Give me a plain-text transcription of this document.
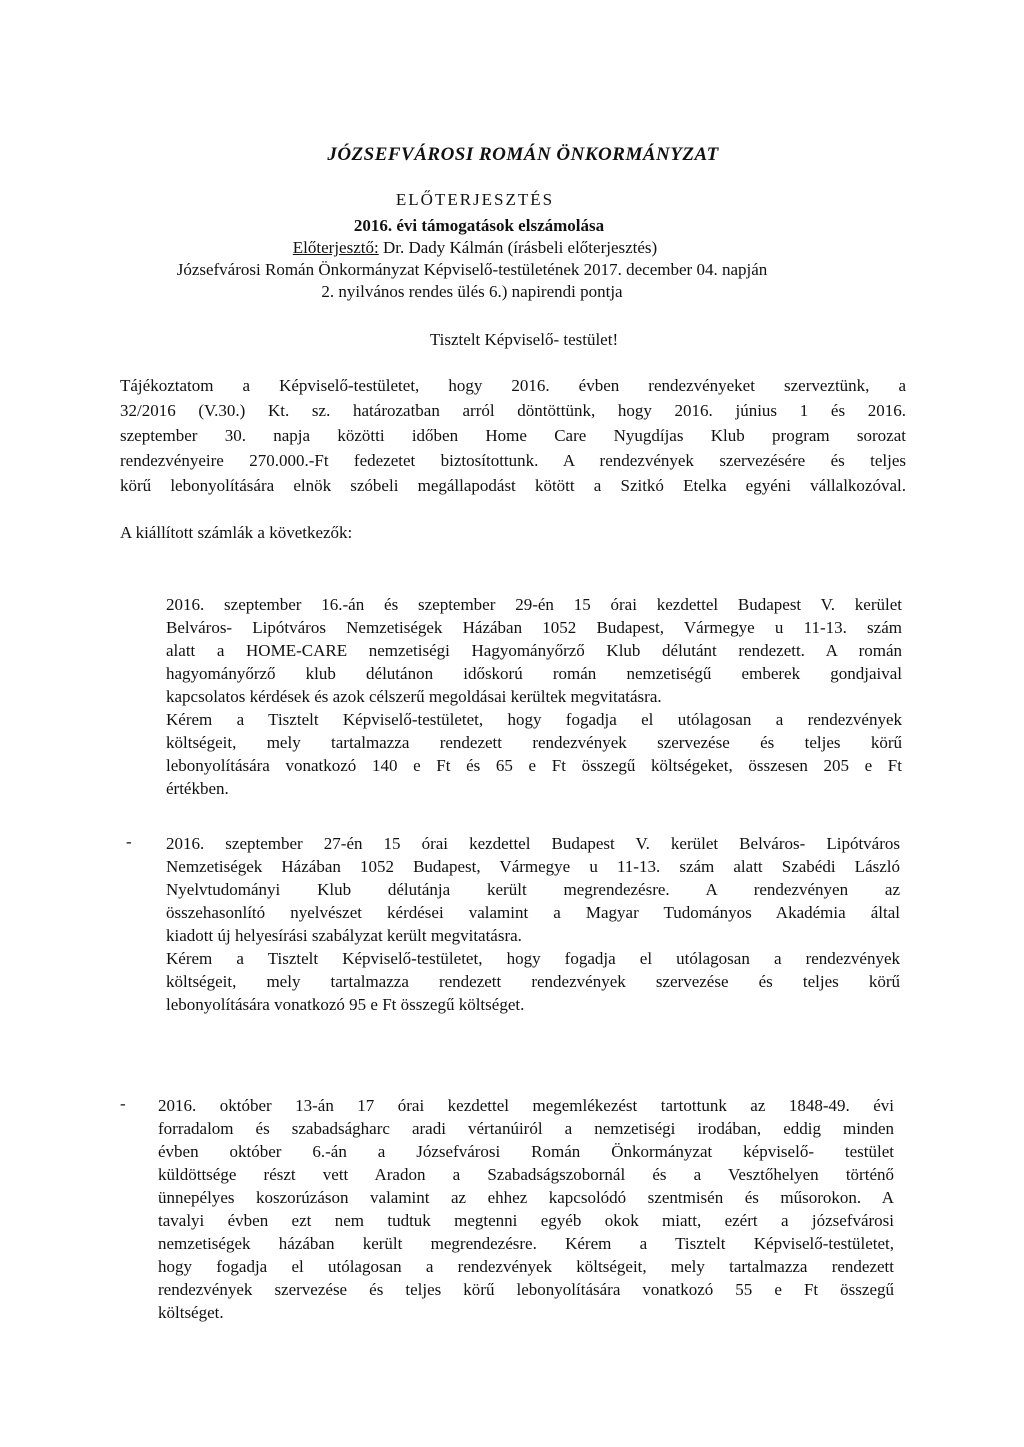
JÓZSEFVÁROSI ROMÁN ÖNKORMÁNYZAT
ELŐTERJESZTÉS
2016. évi támogatások elszámolása
Előterjesztő: Dr. Dady Kálmán (írásbeli előterjesztés)
Józsefvárosi Román Önkormányzat Képviselő-testületének 2017. december 04. napján
2. nyilvános rendes ülés 6.) napirendi pontja
Tisztelt Képviselő- testület!
Tájékoztatom a Képviselő-testületet, hogy 2016. évben rendezvényeket szerveztünk, a
32/2016 (V.30.) Kt. sz. határozatban arról döntöttünk, hogy 2016. június 1 és 2016.
szeptember 30. napja közötti időben Home Care Nyugdíjas Klub program sorozat
rendezvényeire 270.000.-Ft fedezetet biztosítottunk. A rendezvények szervezésére és teljes
körű lebonyolítására elnök szóbeli megállapodást kötött a Szitkó Etelka egyéni vállalkozóval.
A kiállított számlák a következők:
2016. szeptember 16.-án és szeptember 29-én 15 órai kezdettel Budapest V. kerület
Belváros- Lipótváros Nemzetiségek Házában 1052 Budapest, Vármegye u 11-13. szám
alatt a HOME-CARE nemzetiségi Hagyományőrző Klub délutánt rendezett. A román
hagyományőrző klub délutánon időskorú román nemzetiségű emberek gondjaival
kapcsolatos kérdések és azok célszerű megoldásai kerültek megvitatásra.
Kérem a Tisztelt Képviselő-testületet, hogy fogadja el utólagosan a rendezvények
költségeit, mely tartalmazza rendezett rendezvények szervezése és teljes körű
lebonyolítására vonatkozó 140 e Ft és 65 e Ft összegű költségeket, összesen 205 e Ft
értékben.
- 2016. szeptember 27-én 15 órai kezdettel Budapest V. kerület Belváros- Lipótváros
Nemzetiségek Házában 1052 Budapest, Vármegye u 11-13. szám alatt Szabédi László
Nyelvtudományi Klub délutánja került megrendezésre. A rendezvényen az
összehasonlító nyelvészet kérdései valamint a Magyar Tudományos Akadémia által
kiadott új helyesírási szabályzat került megvitatásra.
Kérem a Tisztelt Képviselő-testületet, hogy fogadja el utólagosan a rendezvények
költségeit, mely tartalmazza rendezett rendezvények szervezése és teljes körű
lebonyolítására vonatkozó 95 e Ft összegű költséget.
- 2016. október 13-án 17 órai kezdettel megemlékezést tartottunk az 1848-49. évi
forradalom és szabadságharc aradi vértanúiról a nemzetiségi irodában, eddig minden
évben október 6.-án a Józsefvárosi Román Önkormányzat képviselő- testület
küldöttsége részt vett Aradon a Szabadságszobornál és a Vesztőhelyen történő
ünnepélyes koszorúzáson valamint az ehhez kapcsolódó szentmisén és műsorokon. A
tavalyi évben ezt nem tudtuk megtenni egyéb okok miatt, ezért a józsefvárosi
nemzetiségek házában került megrendezésre. Kérem a Tisztelt Képviselő-testületet,
hogy fogadja el utólagosan a rendezvények költségeit, mely tartalmazza rendezett
rendezvények szervezése és teljes körű lebonyolítására vonatkozó 55 e Ft összegű
költséget.
